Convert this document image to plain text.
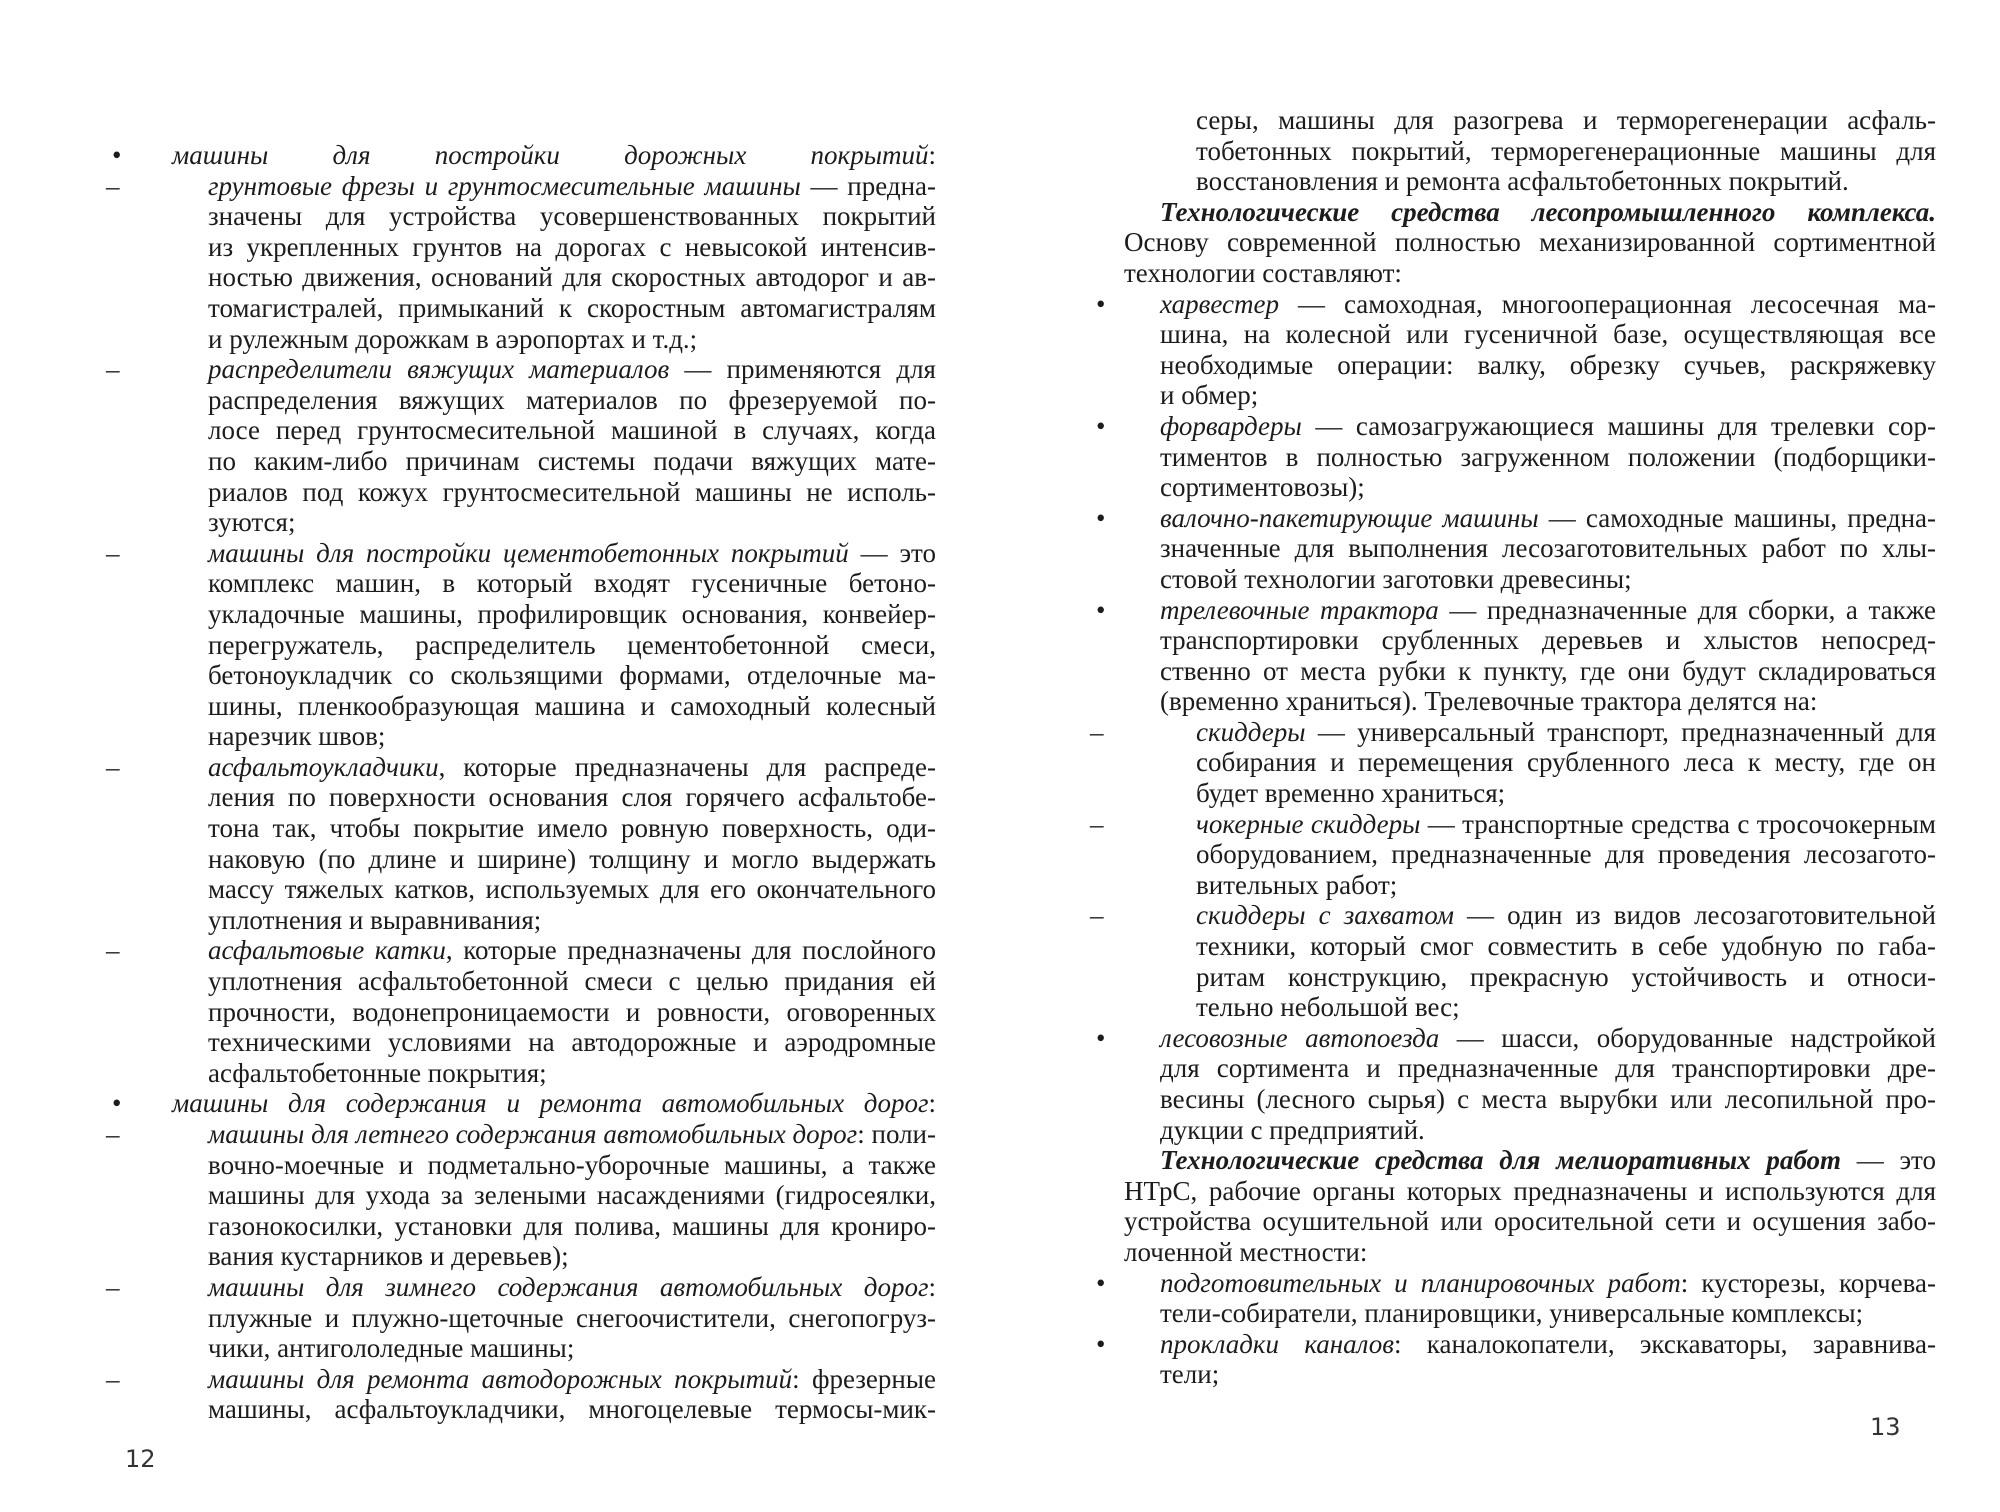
• машины для постройки дорожных покрытий:
–	грунтовые фрезы и грунтосмесительные машины — предна-
значены для устройства усовершенствованных покрытий
из укрепленных грунтов на дорогах с невысокой интенсив-
ностью движения, оснований для скоростных автодорог и ав-
томагистралей, примыканий к скоростным автомагистралям
и рулежным дорожкам в аэропортах и т.д.;
–	распределители вяжущих материалов — применяются для
распределения вяжущих материалов по фрезеруемой по-
лосе перед грунтосмесительной машиной в случаях, когда
по каким-либо причинам системы подачи вяжущих мате-
риалов под кожух грунтосмесительной машины не исполь-
зуются;
–	машины для постройки цементобетонных покрытий — это
комплекс машин, в который входят гусеничные бетоно-
укладочные машины, профилировщик основания, конвейер-
перегружатель, распределитель цементобетонной смеси,
бетоноукладчик со скользящими формами, отделочные ма-
шины, пленкообразующая машина и самоходный колесный
нарезчик швов;
–	асфальтоукладчики, которые предназначены для распреде-
ления по поверхности основания слоя горячего асфальтобе-
тона так, чтобы покрытие имело ровную поверхность, оди-
наковую (по длине и ширине) толщину и могло выдержать
массу тяжелых катков, используемых для его окончательного
уплотнения и выравнивания;
–	асфальтовые катки, которые предназначены для послойного
уплотнения асфальтобетонной смеси с целью придания ей
прочности, водонепроницаемости и ровности, оговоренных
техническими условиями на автодорожные и аэродромные
асфальтобетонные покрытия;
• машины для содержания и ремонта автомобильных дорог:
–	машины для летнего содержания автомобильных дорог: поли-
вочно-моечные и подметально-уборочные машины, а также
машины для ухода за зелеными насаждениями (гидросеялки,
газонокосилки, установки для полива, машины для крониро-
вания кустарников и деревьев);
–	машины для зимнего содержания автомобильных дорог:
плужные и плужно-щеточные снегоочистители, снегопогруз-
чики, антигололедные машины;
–	машины для ремонта автодорожных покрытий: фрезерные
машины, асфальтоукладчики, многоцелевые термосы-мик-
12
серы, машины для разогрева и терморегенерации асфаль-
тобетонных покрытий, терморегенерационные машины для
восстановления и ремонта асфальтобетонных покрытий.
Технологические средства лесопромышленного комплекса.
Основу современной полностью механизированной сортиментной
технологии составляют:
• харвестер — самоходная, многооперационная лесосечная ма-
шина, на колесной или гусеничной базе, осуществляющая все
необходимые операции: валку, обрезку сучьев, раскряжевку
и обмер;
• форвардеры — самозагружающиеся машины для трелевки сор-
тиментов в полностью загруженном положении (подборщики-
сортиментовозы);
• валочно-пакетирующие машины — самоходные машины, предна-
значенные для выполнения лесозаготовительных работ по хлы-
стовой технологии заготовки древесины;
• трелевочные трактора — предназначенные для сборки, а также
транспортировки срубленных деревьев и хлыстов непосред-
ственно от места рубки к пункту, где они будут складироваться
(временно храниться). Трелевочные трактора делятся на:
–	скиддеры — универсальный транспорт, предназначенный для
собирания и перемещения срубленного леса к месту, где он
будет временно храниться;
–	чокерные скиддеры — транспортные средства с тросочокерным
оборудованием, предназначенные для проведения лесозаготo-
вительных работ;
–	скиддеры с захватом — один из видов лесозаготовительной
техники, который смог совместить в себе удобную по габа-
ритам конструкцию, прекрасную устойчивость и относи-
тельно небольшой вес;
• лесовозные автопоезда — шасси, оборудованные надстройкой
для сортимента и предназначенные для транспортировки дре-
весины (лесного сырья) с места вырубки или лесопильной про-
дукции с предприятий.
Технологические средства для мелиоративных работ — это
НТрС, рабочие органы которых предназначены и используются для
устройства осушительной или оросительной сети и осушения забо-
лоченной местности:
• подготовительных и планировочных работ: кусторезы, корчева-
тели-собиратели, планировщики, универсальные комплексы;
• прокладки каналов: каналокопатели, экскаваторы, заравнива-
тели;
13
